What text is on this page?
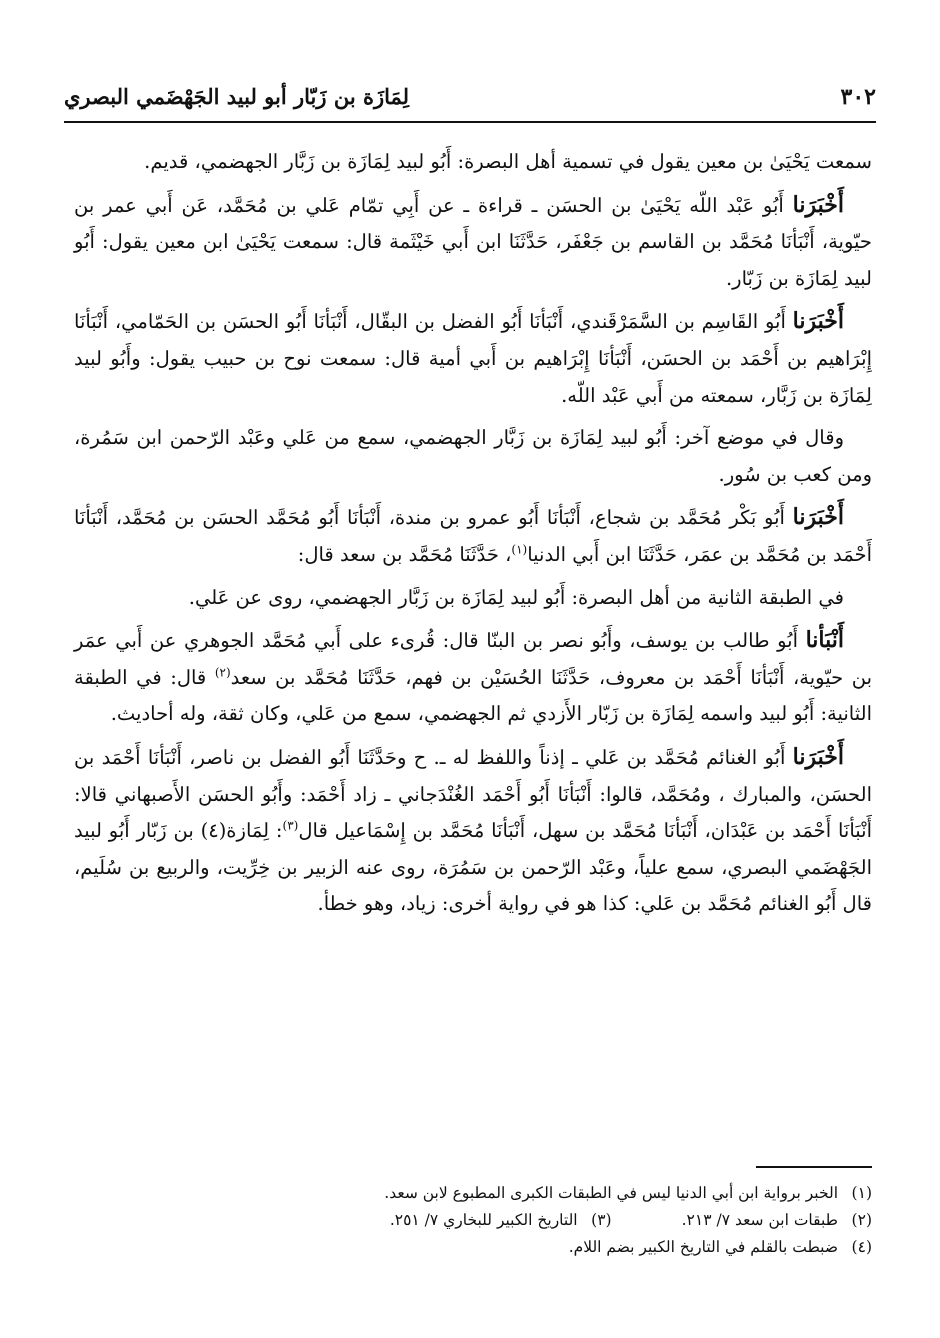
٣٠٢
لِمَازَة بن زَبّار أبو لبيد الجَهْضَمي البصري

سمعت يَحْيَىٰ بن معين يقول في تسمية أهل البصرة: أَبُو لبيد لِمَازَة بن زَبَّار الجهضمي، قديم.

أَخْبَرَنا أَبُو عَبْد اللّه يَحْيَىٰ بن الحسَن ـ قراءة ـ عن أَبِي تمّام عَلي بن مُحَمَّد، عَن أَبي عمر بن حيّوية، أَنْبَأنَا مُحَمَّد بن القاسم بن جَعْفَر، حَدَّثَنَا ابن أَبي خَيْثَمة قال: سمعت يَحْيَىٰ ابن معين يقول: أَبُو لبيد لِمَازَة بن زَبّار.

أَخْبَرَنا أَبُو القَاسِم بن السَّمَرْقَندي، أَنْبَأنَا أَبُو الفضل بن البقّال، أَنْبَأنَا أَبُو الحسَن بن الحَمّامي، أَنْبَأنَا إِبْرَاهيم بن أَحْمَد بن الحسَن، أَنْبَأنَا إِبْرَاهيم بن أَبي أمية قال: سمعت نوح بن حبيب يقول: وأَبُو لبيد لِمَازَة بن زَبَّار، سمعته من أَبي عَبْد اللّه.

وقال في موضع آخر: أَبُو لبيد لِمَازَة بن زَبَّار الجهضمي، سمع من عَلي وعَبْد الرّحمن ابن سَمُرة، ومن كعب بن سُور.

أَخْبَرَنا أَبُو بَكْر مُحَمَّد بن شجاع، أَنْبَأنَا أَبُو عمرو بن مندة، أَنْبَأنَا أَبُو مُحَمَّد الحسَن بن مُحَمَّد، أَنْبَأنَا أَحْمَد بن مُحَمَّد بن عمَر، حَدَّثَنَا ابن أَبي الدنيا$^{(١)}$، حَدَّثَنَا مُحَمَّد بن سعد قال:

في الطبقة الثانية من أهل البصرة: أَبُو لبيد لِمَازَة بن زَبَّار الجهضمي، روى عن عَلي.

أَنْبَأنا أَبُو طالب بن يوسف، وأَبُو نصر بن البنّا قال: قُرىء على أَبي مُحَمَّد الجوهري عن أَبي عمَر بن حيّوية، أَنْبَأنَا أَحْمَد بن معروف، حَدَّثَنَا الحُسَيْن بن فهم، حَدَّثَنَا مُحَمَّد بن سعد$^{(٢)}$ قال: في الطبقة الثانية: أَبُو لبيد واسمه لِمَازَة بن زَبّار الأَزدي ثم الجهضمي، سمع من عَلي، وكان ثقة، وله أحاديث.

أَخْبَرَنا أَبُو الغنائم مُحَمَّد بن عَلي ـ إذناً واللفظ له ـ. ح وحَدَّثَنَا أَبُو الفضل بن ناصر، أَنْبَأنَا أَحْمَد بن الحسَن، والمبارك ، ومُحَمَّد، قالوا: أَنْبَأنَا أَبُو أَحْمَد الغُنْدَجاني ـ زاد أَحْمَد: وأَبُو الحسَن الأَصبهاني قالا: أَنْبَأنَا أَحْمَد بن عَبْدَان، أَنْبَأنَا مُحَمَّد بن سهل، أَنْبَأنَا مُحَمَّد بن إِسْمَاعيل قال$^{(٣)}$: لِمَازة(٤) بن زَبّار أَبُو لبيد الجَهْضَمي البصري، سمع علياً، وعَبْد الرّحمن بن سَمُرَة، روى عنه الزبير بن خِرِّيت، والربيع بن سُلَيم، قال أَبُو الغنائم مُحَمَّد بن عَلي: كذا هو في رواية أخرى: زياد، وهو خطأ.

(١)الخبر برواية ابن أبي الدنيا ليس في الطبقات الكبرى المطبوع لابن سعد.
(٢)طبقات ابن سعد ٧/ ٢١٣.(٣)التاريخ الكبير للبخاري ٧/ ٢٥١.
(٤)ضبطت بالقلم في التاريخ الكبير بضم اللام.
